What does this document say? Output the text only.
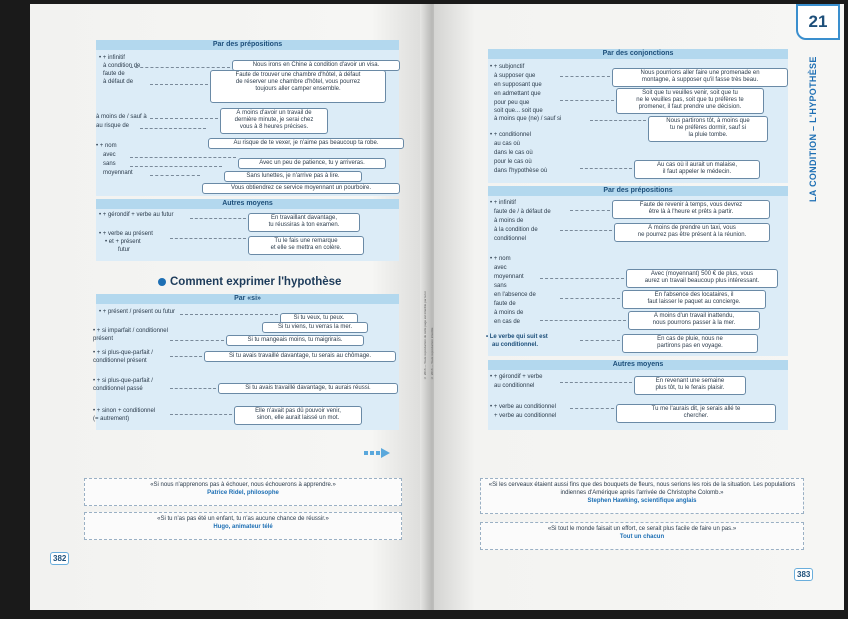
Par des prépositions
• + infinitif
à condition de
faute de
à défaut de
à moins de / sauf à
au risque de
• + nom
avec
sans
moyennant
Nous irons en Chine à condition d'avoir un visa.
Faute de trouver une chambre d'hôtel, à défaut
de réserver une chambre d'hôtel, vous pourrez
toujours aller camper ensemble.
À moins d'avoir un travail de
dernière minute, je serai chez
vous à 8 heures précises.
Au risque de te vexer, je n'aime pas beaucoup ta robe.
Avec un peu de patience, tu y arriveras.
Sans lunettes, je n'arrive pas à lire.
Vous obtiendrez ce service moyennant un pourboire.
Autres moyens
• + gérondif + verbe au futur
• + verbe au présent
• et + présent
futur
En travaillant davantage,
tu réussiras à ton examen.
Tu le fais une remarque
et elle se mettra en colère.
Comment exprimer l'hypothèse
Par «si»
• + présent / présent ou futur
• + si imparfait / conditionnel
présent
• + si plus-que-parfait /
conditionnel présent
• + si plus-que-parfait /
conditionnel passé
• + sinon + conditionnel
(= autrement)
Si tu veux, tu peux.
Si tu viens, tu verras la mer.
Si tu mangeais moins, tu maigrirais.
Si tu avais travaillé davantage, tu serais au chômage.
Si tu avais travaillé davantage, tu aurais réussi.
Elle n'avait pas dû pouvoir venir,
sinon, elle aurait laissé un mot.
«Si nous n'apprenons pas à échouer, nous échouerons à apprendre.»
Patrice Ridel, philosophe
«Si tu n'as pas été un enfant, tu n'as aucune chance de réussir.»
Hugo, animateur télé
382
© 2016 — Toute reproduction de cette page est interdite par la loi © 2016 — Toute reproduction interdite
21
LA CONDITION – L'HYPOTHÈSE
Par des conjonctions
• + subjonctif
à supposer que
en supposant que
en admettant que
pour peu que
soit que... soit que
à moins que (ne) / sauf si
• + conditionnel
au cas où
dans le cas où
pour le cas où
dans l'hypothèse où
Nous pourrions aller faire une promenade en
montagne, à supposer qu'il fasse très beau.
Soit que tu veuilles venir, soit que tu
ne le veuilles pas, soit que tu préfères te
promener, il faut prendre une décision.
Nous partirons tôt, à moins que
tu ne préfères dormir, sauf si
la pluie tombe.
Au cas où il aurait un malaise,
il faut appeler le médecin.
Par des prépositions
• + infinitif
faute de / à défaut de
à moins de
à la condition de
conditionnel
• + nom
avec
moyennant
sans
en l'absence de
faute de
à moins de
en cas de
• Le verbe qui suit est
au conditionnel.
Faute de revenir à temps, vous devrez
être là à l'heure et prêts à partir.
À moins de prendre un taxi, vous
ne pourrez pas être présent à la réunion.
Avec (moyennant) 500 € de plus, vous
aurez un travail beaucoup plus intéressant.
En l'absence des locataires, il
faut laisser le paquet au concierge.
À moins d'un travail inattendu,
nous pourrons passer à la mer.
En cas de pluie, nous ne
partirons pas en voyage.
Autres moyens
• + gérondif + verbe
au conditionnel
• + verbe au conditionnel
+ verbe au conditionnel
En revenant une semaine
plus tôt, tu le ferais plaisir.
Tu me l'aurais dit, je serais allé te
chercher.
«Si les cerveaux étaient aussi fins que des bouquets de fleurs, nous serions les rois de la situation. Les populations indiennes d'Amérique après l'arrivée de Christophe Colomb.»
Stephen Hawking, scientifique anglais
«Si tout le monde faisait un effort, ce serait plus facile de faire un pas.»
Tout un chacun
383
